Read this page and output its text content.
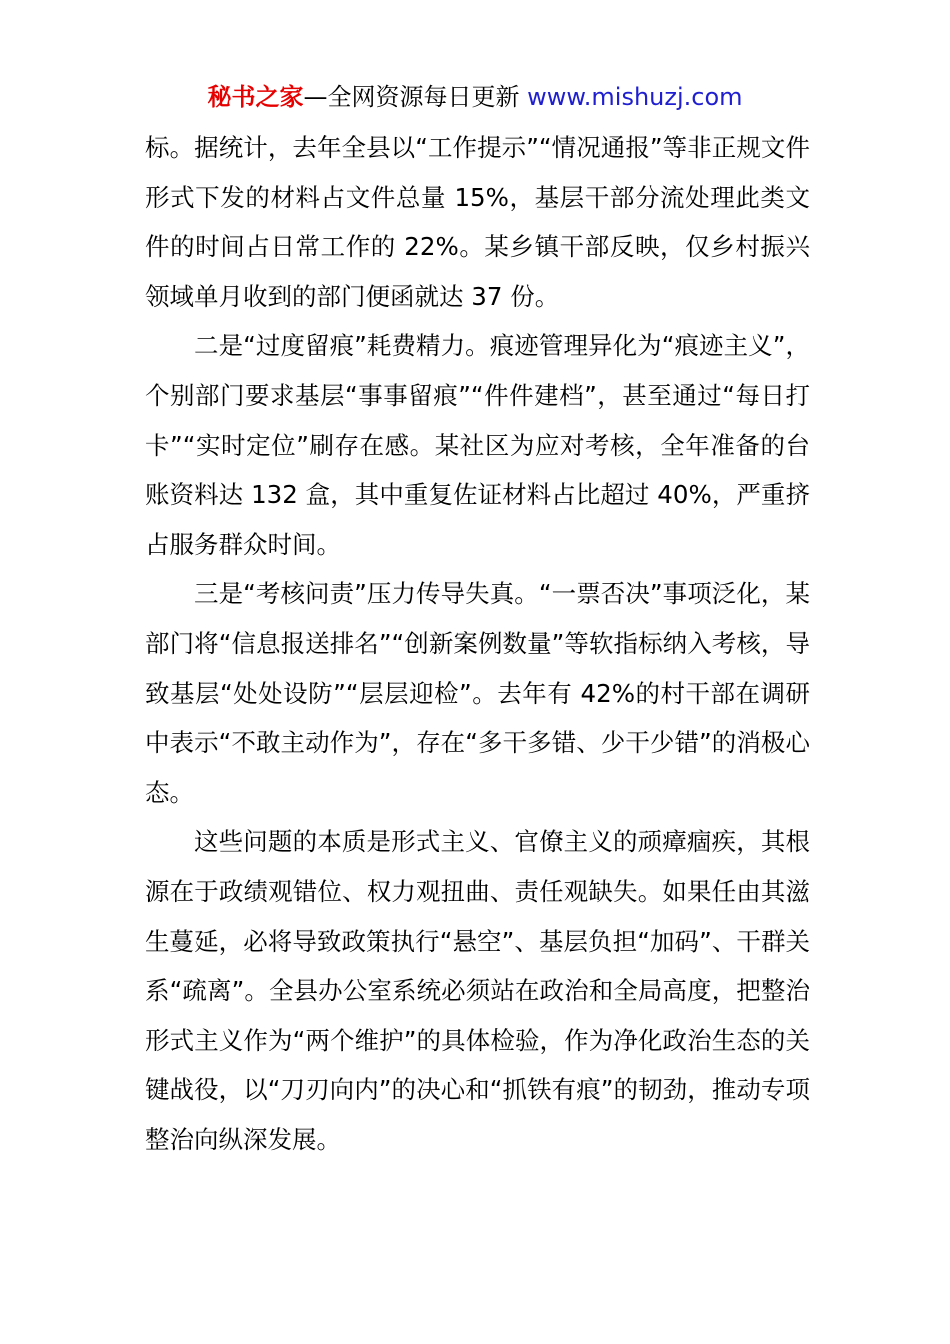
秘书之家—全网资源每日更新 www.mishuzj.com

标。据统计，去年全县以“工作提示”“情况通报”等非正规文件形式下发的材料占文件总量 15%，基层干部分流处理此类文件的时间占日常工作的 22%。某乡镇干部反映，仅乡村振兴领域单月收到的部门便函就达 37 份。

二是“过度留痕”耗费精力。痕迹管理异化为“痕迹主义”，个别部门要求基层“事事留痕”“件件建档”，甚至通过“每日打卡”“实时定位”刷存在感。某社区为应对考核，全年准备的台账资料达 132 盒，其中重复佐证材料占比超过 40%，严重挤占服务群众时间。

三是“考核问责”压力传导失真。“一票否决”事项泛化，某部门将“信息报送排名”“创新案例数量”等软指标纳入考核，导致基层“处处设防”“层层迎检”。去年有 42%的村干部在调研中表示“不敢主动作为”，存在“多干多错、少干少错”的消极心态。

这些问题的本质是形式主义、官僚主义的顽瘴痼疾，其根源在于政绩观错位、权力观扭曲、责任观缺失。如果任由其滋生蔓延，必将导致政策执行“悬空”、基层负担“加码”、干群关系“疏离”。全县办公室系统必须站在政治和全局高度，把整治形式主义作为“两个维护”的具体检验，作为净化政治生态的关键战役，以“刀刃向内”的决心和“抓铁有痕”的韧劲，推动专项整治向纵深发展。
